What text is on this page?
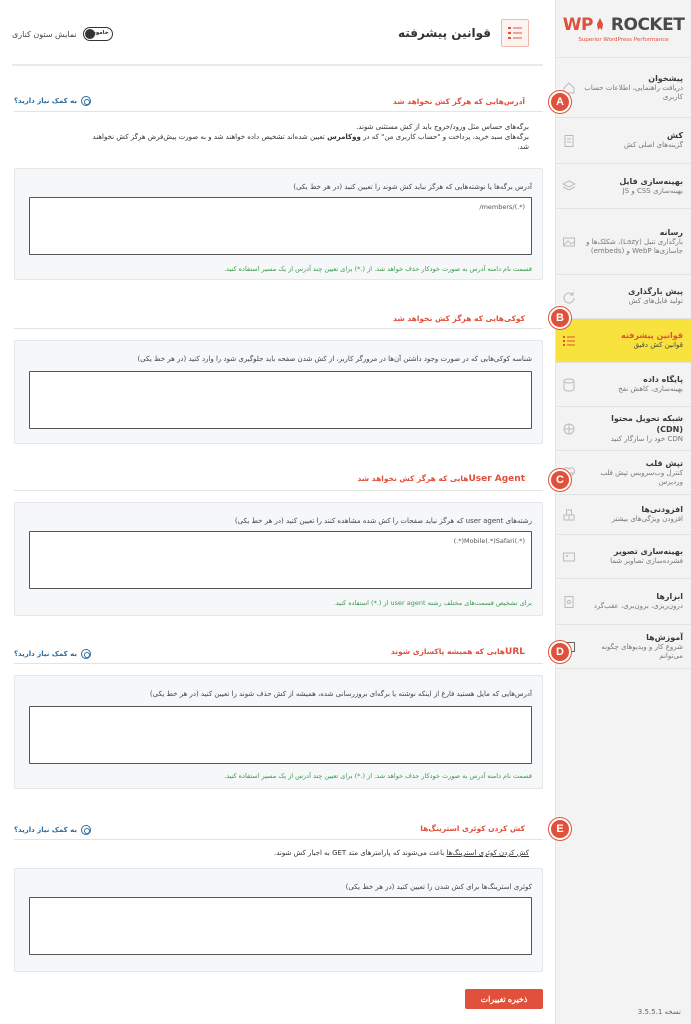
WP ROCKET
Superior WordPress Performance
پیشخوان
دریافت راهنمایی، اطلاعات حساب کاربری
کش
گزینه‌های اصلی کش
بهینه‌سازی فایل
بهینه‌سازی CSS و JS
رسانه
بارگذاری تنبل (Lazy)، شکلک‌ها و جاسازی‌ها WebP و (embeds)
پیش بارگذاری
تولید فایل‌های کش
قوانین پیشرفته
قوانین کش دقیق
پایگاه داده
بهینه‌سازی، کاهش نفخ
شبکه تحویل محتوا (CDN)
CDN خود را سازگار کنید
تپش قلب
کنترل وب‌سرویس تپش قلب وردپرس
افزودنی‌ها
افزودن ویژگی‌های بیشتر
بهینه‌سازی تصویر
فشرده‌سازی تصاویر شما
ابزارها
درون‌ریزی، برون‌بری، عقب‌گرد
آموزش‌ها
شروع کار و ویدیوهای چگونه می‌توانم
نسخه 3.5.5.1
قوانین پیشرفته
نمایش ستون کناری خاموش
A
آدرس‌هایی که هرگز کش نخواهد شد
به کمک نیاز دارید؟
برگه‌های حساس مثل ورود/خروج باید از کش مستثنی شوند.
برگه‌های سبد خرید، پرداخت و "حساب کاربری من" که در ووکامرس تعیین شده‌اند تشخیص داده خواهند شد و به صورت پیش‌فرض هرگز کش نخواهند
شد.
آدرس برگه‌ها یا نوشته‌هایی که هرگز نباید کش شوند را تعیین کنید (در هر خط یکی)
/members/(.*)
قسمت نام دامنه آدرس به صورت خودکار حذف خواهد شد. از (.*) برای تعیین چند آدرس از یک مسیر استفاده کنید.
B
کوکی‌هایی که هرگز کش نخواهد شد
شناسه کوکی‌هایی که در صورت وجود داشتن آن‌ها در مرورگر کاربر، از کش شدن صفحه باید جلوگیری شود را وارد کنید (در هر خط یکی)
C
User Agentهایی که هرگز کش نخواهد شد
رشته‌های user agent که هرگز نباید صفحات را کش شده مشاهده کنند را تعیین کنید (در هر خط یکی)
(.*)Mobile(.*)Safari(.*)
برای تشخیص قسمت‌های مختلف رشته user agent از (.*) استفاده کنید.
D
URLهایی که همیشه پاکسازی شوند
به کمک نیاز دارید؟
آدرس‌هایی که مایل هستید فارغ از اینکه نوشته یا برگه‌ای بروزرسانی شده، همیشه از کش حذف شوند را تعیین کنید (در هر خط یکی)
قسمت نام دامنه آدرس به صورت خودکار حذف خواهد شد. از (.*) برای تعیین چند آدرس از یک مسیر استفاده کنید.
E
کش کردن کوئری استرینگ‌ها
به کمک نیاز دارید؟
کش کردن کوئری استرینگ‌ها باعث می‌شوند که پارامترهای متد GET به اجبار کش شوند.
کوئری استرینگ‌ها برای کش شدن را تعیین کنید (در هر خط یکی)
ذخیره تغییرات
